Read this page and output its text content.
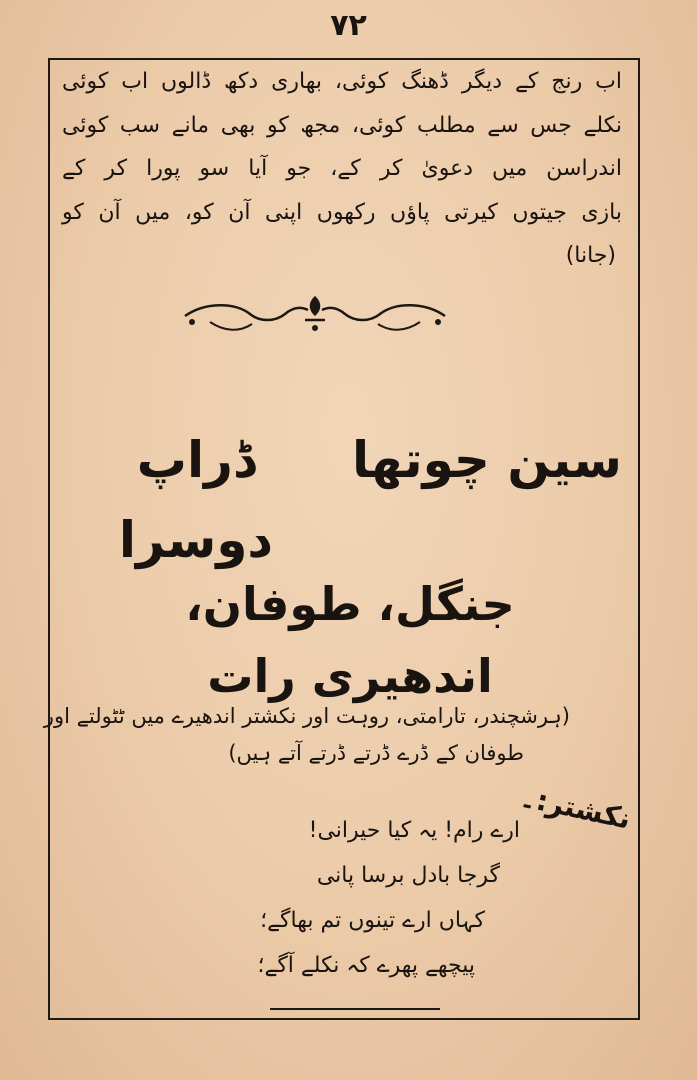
۷۲
اب رنج کے دیگر ڈھنگ کوئی، بھاری دکھ ڈالوں اب کوئی
نکلے جس سے مطلب کوئی، مجھ کو بھی مانے سب کوئی
اندراسن میں دعویٰ کر کے، جو آیا سو پورا کر کے
بازی جیتوں کیرتی پاؤں رکھوں اپنی آن کو، میں آن کو
(جانا)
ڈراپ دوسرا
سین چوتھا
جنگل، طوفان، اندھیری رات
(ہرشچندر، تارامتی، روہت اور نکشتر اندھیرے میں ٹٹولتے اور
طوفان کے ڈرے ڈرتے ڈرتے آتے ہیں)
نکشتر:۔
ارے رام! یہ کیا حیرانی!
گرجا بادل برسا پانی
کہاں ارے تینوں تم بھاگے؛
پیچھے پھرے کہ نکلے آگے؛
